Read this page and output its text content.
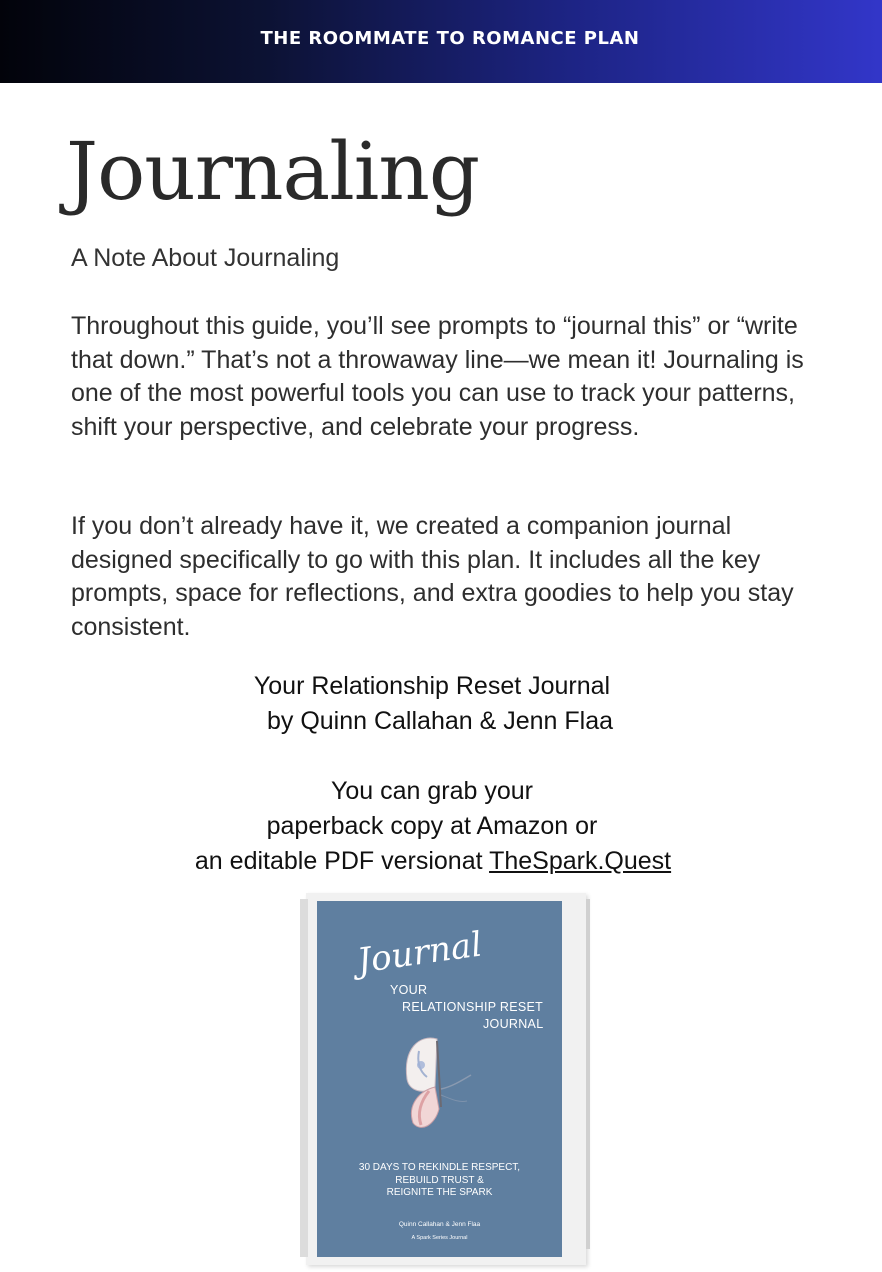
THE ROOMMATE TO ROMANCE PLAN
Journaling
A Note About Journaling

Throughout this guide, you’ll see prompts to “journal this” or “write that down.” That’s not a throwaway line—we mean it! Journaling is one of the most powerful tools you can use to track your patterns, shift your perspective, and celebrate your progress.

If you don’t already have it, we created a companion journal designed specifically to go with this plan. It includes all the key prompts, space for reflections, and extra goodies to help you stay consistent.

Your Relationship Reset Journal
by Quinn Callahan & Jenn Flaa
You can grab your
paperback copy at Amazon or
an editable PDF versionat TheSpark.Quest
Journal
YOUR
RELATIONSHIP RESET
JOURNAL
30 DAYS TO REKINDLE RESPECT,
REBUILD TRUST &
REIGNITE THE SPARK
Quinn Callahan & Jenn Flaa
A Spark Series Journal
